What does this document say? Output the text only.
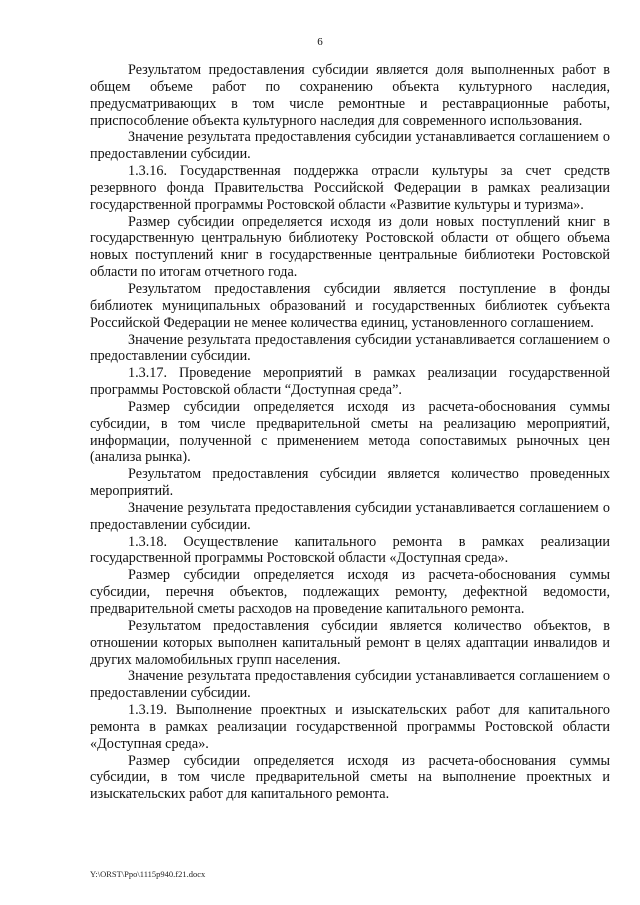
6

Результатом предоставления субсидии является доля выполненных работ в общем объеме работ по сохранению объекта культурного наследия, предусматривающих в том числе ремонтные и реставрационные работы, приспособление объекта культурного наследия для современного использования.

Значение результата предоставления субсидии устанавливается соглашением о предоставлении субсидии.

1.3.16. Государственная поддержка отрасли культуры за счет средств резервного фонда Правительства Российской Федерации в рамках реализации государственной программы Ростовской области «Развитие культуры и туризма».

Размер субсидии определяется исходя из доли новых поступлений книг в государственную центральную библиотеку Ростовской области от общего объема новых поступлений книг в государственные центральные библиотеки Ростовской области по итогам отчетного года.

Результатом предоставления субсидии является поступление в фонды библиотек муниципальных образований и государственных библиотек субъекта Российской Федерации не менее количества единиц, установленного соглашением.

Значение результата предоставления субсидии устанавливается соглашением о предоставлении субсидии.

1.3.17. Проведение мероприятий в рамках реализации государственной программы Ростовской области “Доступная среда”.

Размер субсидии определяется исходя из расчета-обоснования суммы субсидии, в том числе предварительной сметы на реализацию мероприятий, информации, полученной с применением метода сопоставимых рыночных цен (анализа рынка).

Результатом предоставления субсидии является количество проведенных мероприятий.

Значение результата предоставления субсидии устанавливается соглашением о предоставлении субсидии.

1.3.18. Осуществление капитального ремонта в рамках реализации государственной программы Ростовской области «Доступная среда».

Размер субсидии определяется исходя из расчета-обоснования суммы субсидии, перечня объектов, подлежащих ремонту, дефектной ведомости, предварительной сметы расходов на проведение капитального ремонта.

Результатом предоставления субсидии является количество объектов, в отношении которых выполнен капитальный ремонт в целях адаптации инвалидов и других маломобильных групп населения.

Значение результата предоставления субсидии устанавливается соглашением о предоставлении субсидии.

1.3.19. Выполнение проектных и изыскательских работ для капитального ремонта в рамках реализации государственной программы Ростовской области «Доступная среда».

Размер субсидии определяется исходя из расчета-обоснования суммы субсидии, в том числе предварительной сметы на выполнение проектных и изыскательских работ для капитального ремонта.

Y:\ORST\Ppo\1115p940.f21.docx
